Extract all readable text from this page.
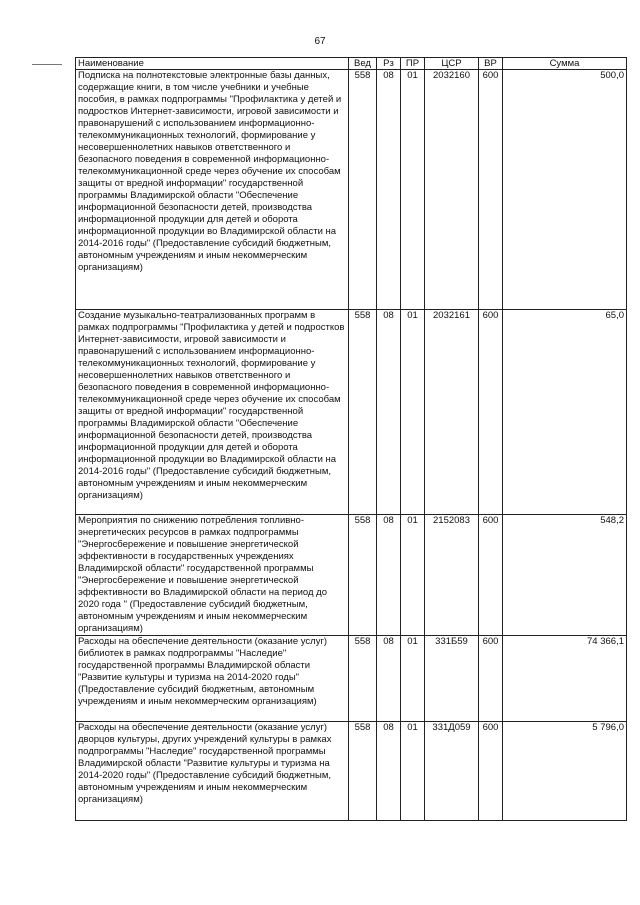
67
Наименование	Вед	Рз	ПР	ЦСР	ВР	Сумма
Подписка на полнотекстовые электронные базы данных, содержащие книги, в том числе учебники и учебные пособия, в рамках подпрограммы "Профилактика у детей и подростков Интернет-зависимости, игровой зависимости и правонарушений с использованием информационно-телекоммуникационных технологий, формирование у несовершеннолетних навыков ответственного и безопасного поведения в современной информационно-телекоммуникационной среде через обучение их способам защиты от вредной информации" государственной программы Владимирской области "Обеспечение информационной безопасности детей, производства информационной продукции для детей и оборота информационной продукции во Владимирской области на 2014-2016 годы" (Предоставление субсидий бюджетным, автономным учреждениям и иным некоммерческим организациям)	558	08	01	2032160	600	500,0
Создание музыкально-театрализованных программ в рамках подпрограммы "Профилактика у детей и подростков Интернет-зависимости, игровой зависимости и правонарушений с использованием информационно-телекоммуникационных технологий, формирование у несовершеннолетних навыков ответственного и безопасного поведения в современной информационно-телекоммуникационной среде через обучение их способам защиты от вредной информации" государственной программы Владимирской области "Обеспечение информационной безопасности детей, производства информационной продукции для детей и оборота информационной продукции во Владимирской области на 2014-2016 годы" (Предоставление субсидий бюджетным, автономным учреждениям и иным некоммерческим организациям)	558	08	01	2032161	600	65,0
Мероприятия по снижению потребления топливно-энергетических ресурсов в рамках подпрограммы "Энергосбережение и повышение энергетической эффективности в государственных учреждениях Владимирской области" государственной программы "Энергосбережение и повышение энергетической эффективности во Владимирской области на период до 2020 года " (Предоставление субсидий бюджетным, автономным учреждениям и иным некоммерческим организациям)	558	08	01	2152083	600	548,2
Расходы на обеспечение деятельности (оказание услуг) библиотек в рамках подпрограммы "Наследие" государственной программы Владимирской области "Развитие культуры и туризма на 2014-2020 годы" (Предоставление субсидий бюджетным, автономным учреждениям и иным некоммерческим организациям)	558	08	01	331Б59	600	74 366,1
Расходы на обеспечение деятельности (оказание услуг) дворцов культуры, других учреждений культуры в рамках подпрограммы "Наследие" государственной программы Владимирской области "Развитие культуры и туризма на 2014-2020 годы" (Предоставление субсидий бюджетным, автономным учреждениям и иным некоммерческим организациям)	558	08	01	331Д059	600	5 796,0
